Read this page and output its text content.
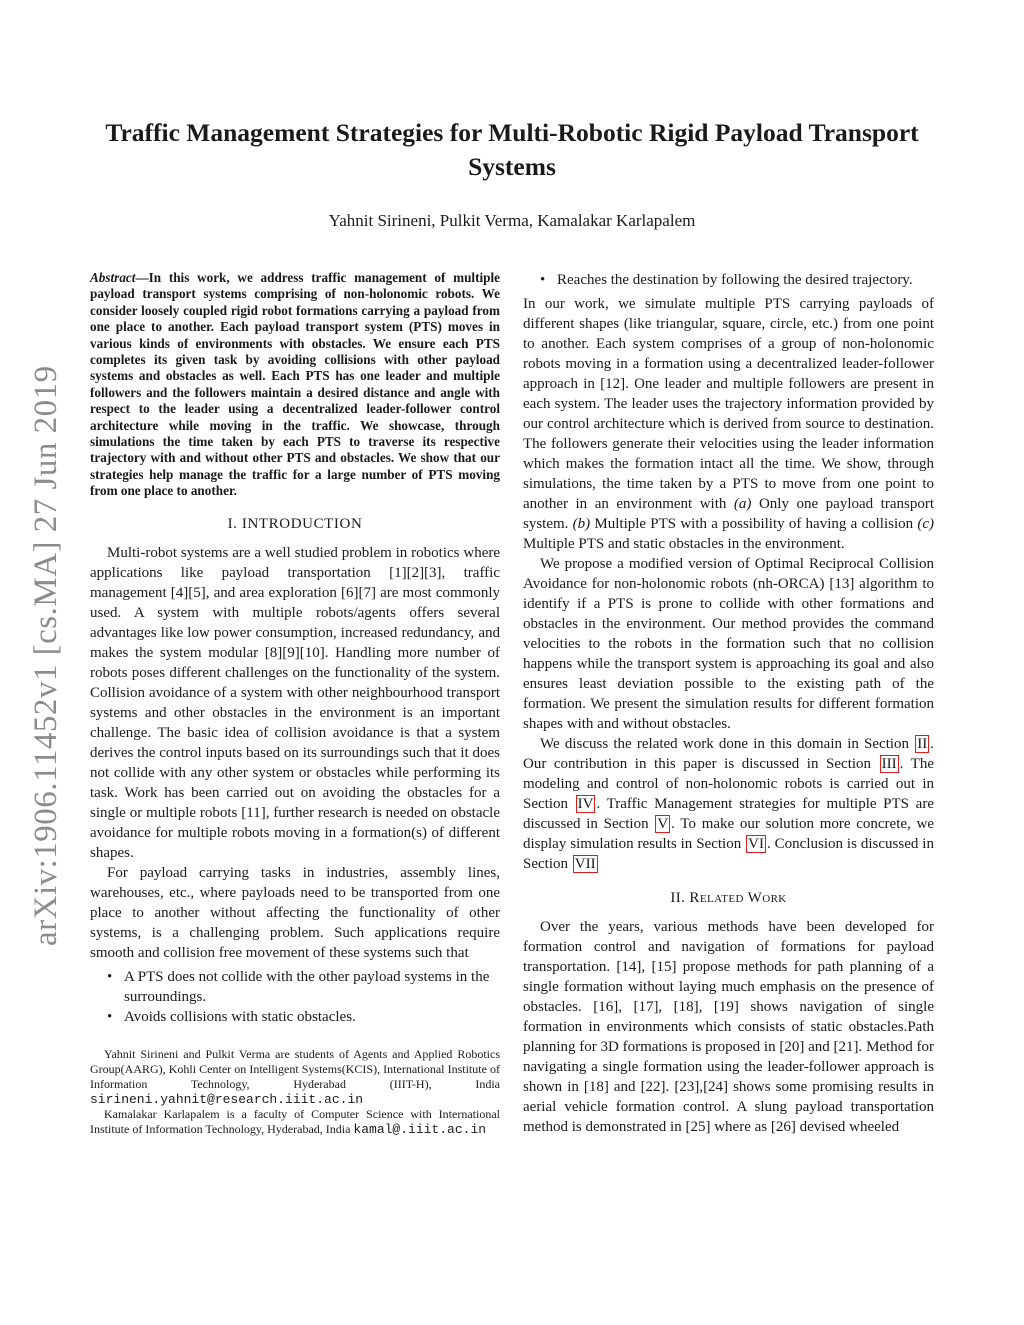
arXiv:1906.11452v1 [cs.MA] 27 Jun 2019
Traffic Management Strategies for Multi-Robotic Rigid Payload Transport Systems
Yahnit Sirineni, Pulkit Verma, Kamalakar Karlapalem

Abstract—In this work, we address traffic management of multiple payload transport systems comprising of non-holonomic robots. We consider loosely coupled rigid robot formations carrying a payload from one place to another. Each payload transport system (PTS) moves in various kinds of environments with obstacles. We ensure each PTS completes its given task by avoiding collisions with other payload systems and obstacles as well. Each PTS has one leader and multiple followers and the followers maintain a desired distance and angle with respect to the leader using a decentralized leader-follower control architecture while moving in the traffic. We showcase, through simulations the time taken by each PTS to traverse its respective trajectory with and without other PTS and obstacles. We show that our strategies help manage the traffic for a large number of PTS moving from one place to another.

I. INTRODUCTION

Multi-robot systems are a well studied problem in robotics where applications like payload transportation [1][2][3], traffic management [4][5], and area exploration [6][7] are most commonly used. A system with multiple robots/agents offers several advantages like low power consumption, increased redundancy, and makes the system modular [8][9][10]. Handling more number of robots poses different challenges on the functionality of the system. Collision avoidance of a system with other neighbourhood transport systems and other obstacles in the environment is an important challenge. The basic idea of collision avoidance is that a system derives the control inputs based on its surroundings such that it does not collide with any other system or obstacles while performing its task. Work has been carried out on avoiding the obstacles for a single or multiple robots [11], further research is needed on obstacle avoidance for multiple robots moving in a formation(s) of different shapes.

For payload carrying tasks in industries, assembly lines, warehouses, etc., where payloads need to be transported from one place to another without affecting the functionality of other systems, is a challenging problem. Such applications require smooth and collision free movement of these systems such that

• A PTS does not collide with the other payload systems in the surroundings.
• Avoids collisions with static obstacles.

Yahnit Sirineni and Pulkit Verma are students of Agents and Applied Robotics Group(AARG), Kohli Center on Intelligent Systems(KCIS), International Institute of Information Technology, Hyderabad (IIIT-H), India sirineni.yahnit@research.iiit.ac.in

Kamalakar Karlapalem is a faculty of Computer Science with International Institute of Information Technology, Hyderabad, India kamal@.iiit.ac.in

• Reaches the destination by following the desired trajectory.

In our work, we simulate multiple PTS carrying payloads of different shapes (like triangular, square, circle, etc.) from one point to another. Each system comprises of a group of non-holonomic robots moving in a formation using a decentralized leader-follower approach in [12]. One leader and multiple followers are present in each system. The leader uses the trajectory information provided by our control architecture which is derived from source to destination. The followers generate their velocities using the leader information which makes the formation intact all the time. We show, through simulations, the time taken by a PTS to move from one point to another in an environment with (a) Only one payload transport system. (b) Multiple PTS with a possibility of having a collision (c) Multiple PTS and static obstacles in the environment.

We propose a modified version of Optimal Reciprocal Collision Avoidance for non-holonomic robots (nh-ORCA) [13] algorithm to identify if a PTS is prone to collide with other formations and obstacles in the environment. Our method provides the command velocities to the robots in the formation such that no collision happens while the transport system is approaching its goal and also ensures least deviation possible to the existing path of the formation. We present the simulation results for different formation shapes with and without obstacles.

We discuss the related work done in this domain in Section II . Our contribution in this paper is discussed in Section III . The modeling and control of non-holonomic robots is carried out in Section IV . Traffic Management strategies for multiple PTS are discussed in Section V . To make our solution more concrete, we display simulation results in Section VI . Conclusion is discussed in Section VII

II. Related Work

Over the years, various methods have been developed for formation control and navigation of formations for payload transportation. [14], [15] propose methods for path planning of a single formation without laying much emphasis on the presence of obstacles. [16], [17], [18], [19] shows navigation of single formation in environments which consists of static obstacles.Path planning for 3D formations is proposed in [20] and [21]. Method for navigating a single formation using the leader-follower approach is shown in [18] and [22]. [23],[24] shows some promising results in aerial vehicle formation control. A slung payload transportation method is demonstrated in [25] where as [26] devised wheeled
